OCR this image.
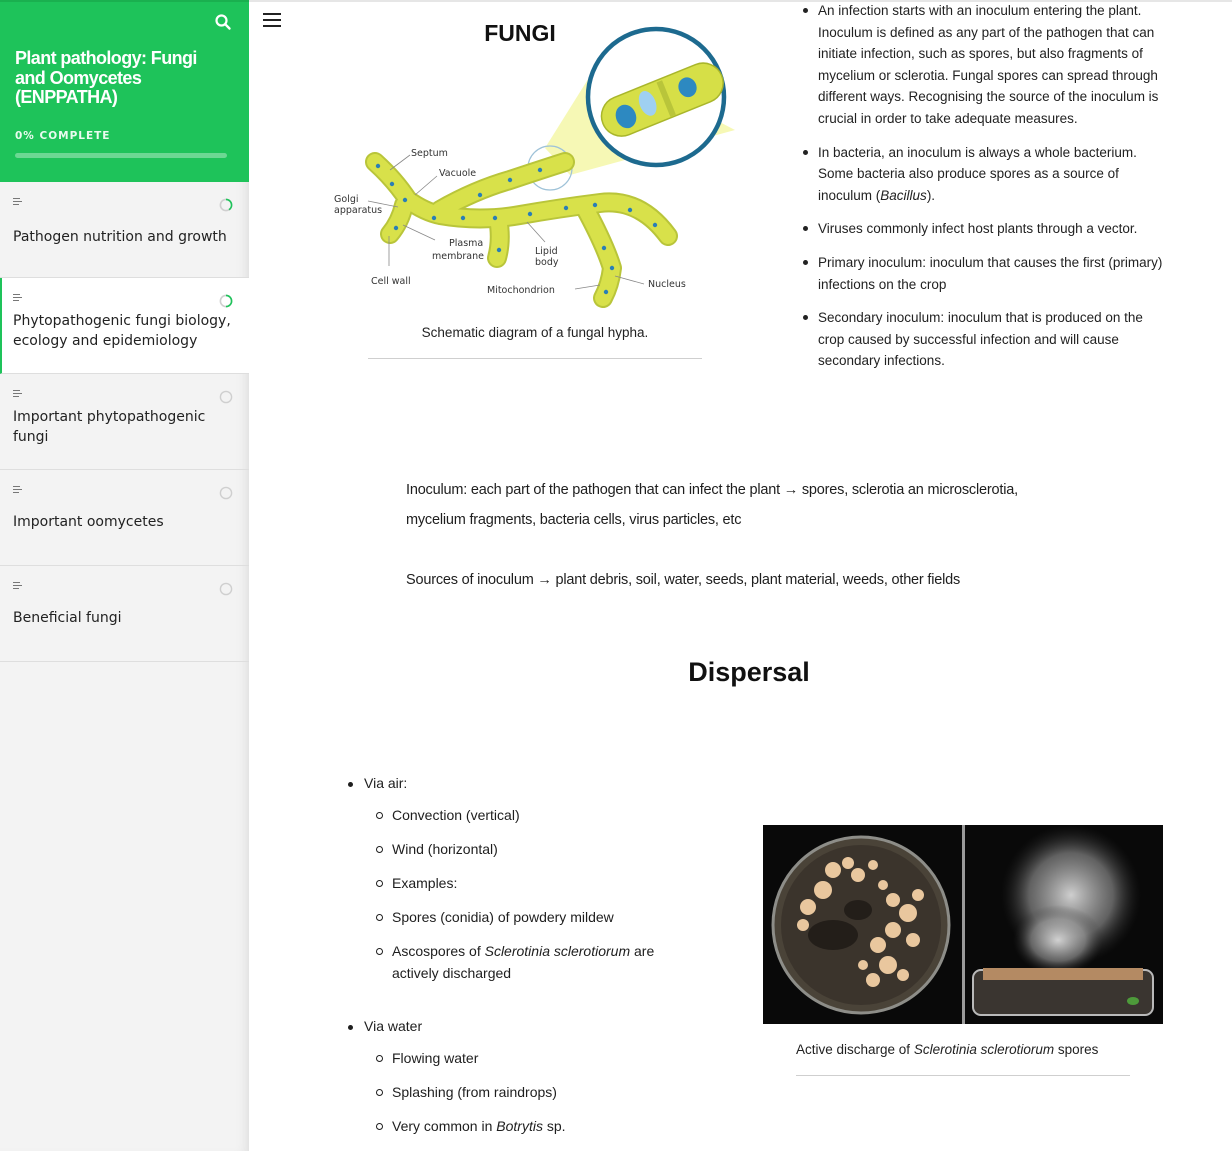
Plant pathology: Fungi and Oomycetes (ENPPATHA)
0% COMPLETE
Pathogen nutrition and growth
Phytopathogenic fungi biology, ecology and epidemiology
Important phytopathogenic fungi
Important oomycetes
Beneficial fungi
Septum
Vacuole
Golgi
apparatus
Plasma
membrane	Lipid
body
Cell wall
Mitochondrion
Nucleus
FUNGI
Schematic diagram of a fungal hypha.
An infection starts with an inoculum entering the plant. Inoculum is defined as any part of the pathogen that can initiate infection, such as spores, but also fragments of mycelium or sclerotia. Fungal spores can spread through different ways. Recognising the source of the inoculum is crucial in order to take adequate measures.
In bacteria, an inoculum is always a whole bacterium. Some bacteria also produce spores as a source of inoculum (Bacillus).
Viruses commonly infect host plants through a vector.
Primary inoculum: inoculum that causes the first (primary) infections on the crop
Secondary inoculum: inoculum that is produced on the crop caused by successful infection and will cause secondary infections.

Inoculum: each part of the pathogen that can infect the plant → spores, sclerotia an microsclerotia,

mycelium fragments, bacteria cells, virus particles, etc

Sources of inoculum → plant debris, soil, water, seeds, plant material, weeds, other fields

Dispersal
Via air:
Convection (vertical)
Wind (horizontal)
Examples:
Spores (conidia) of powdery mildew
Ascospores of Sclerotinia sclerotiorum are actively discharged
Via water
Flowing water
Splashing (from raindrops)
Very common in Botrytis sp.
Active discharge of Sclerotinia sclerotiorum spores
